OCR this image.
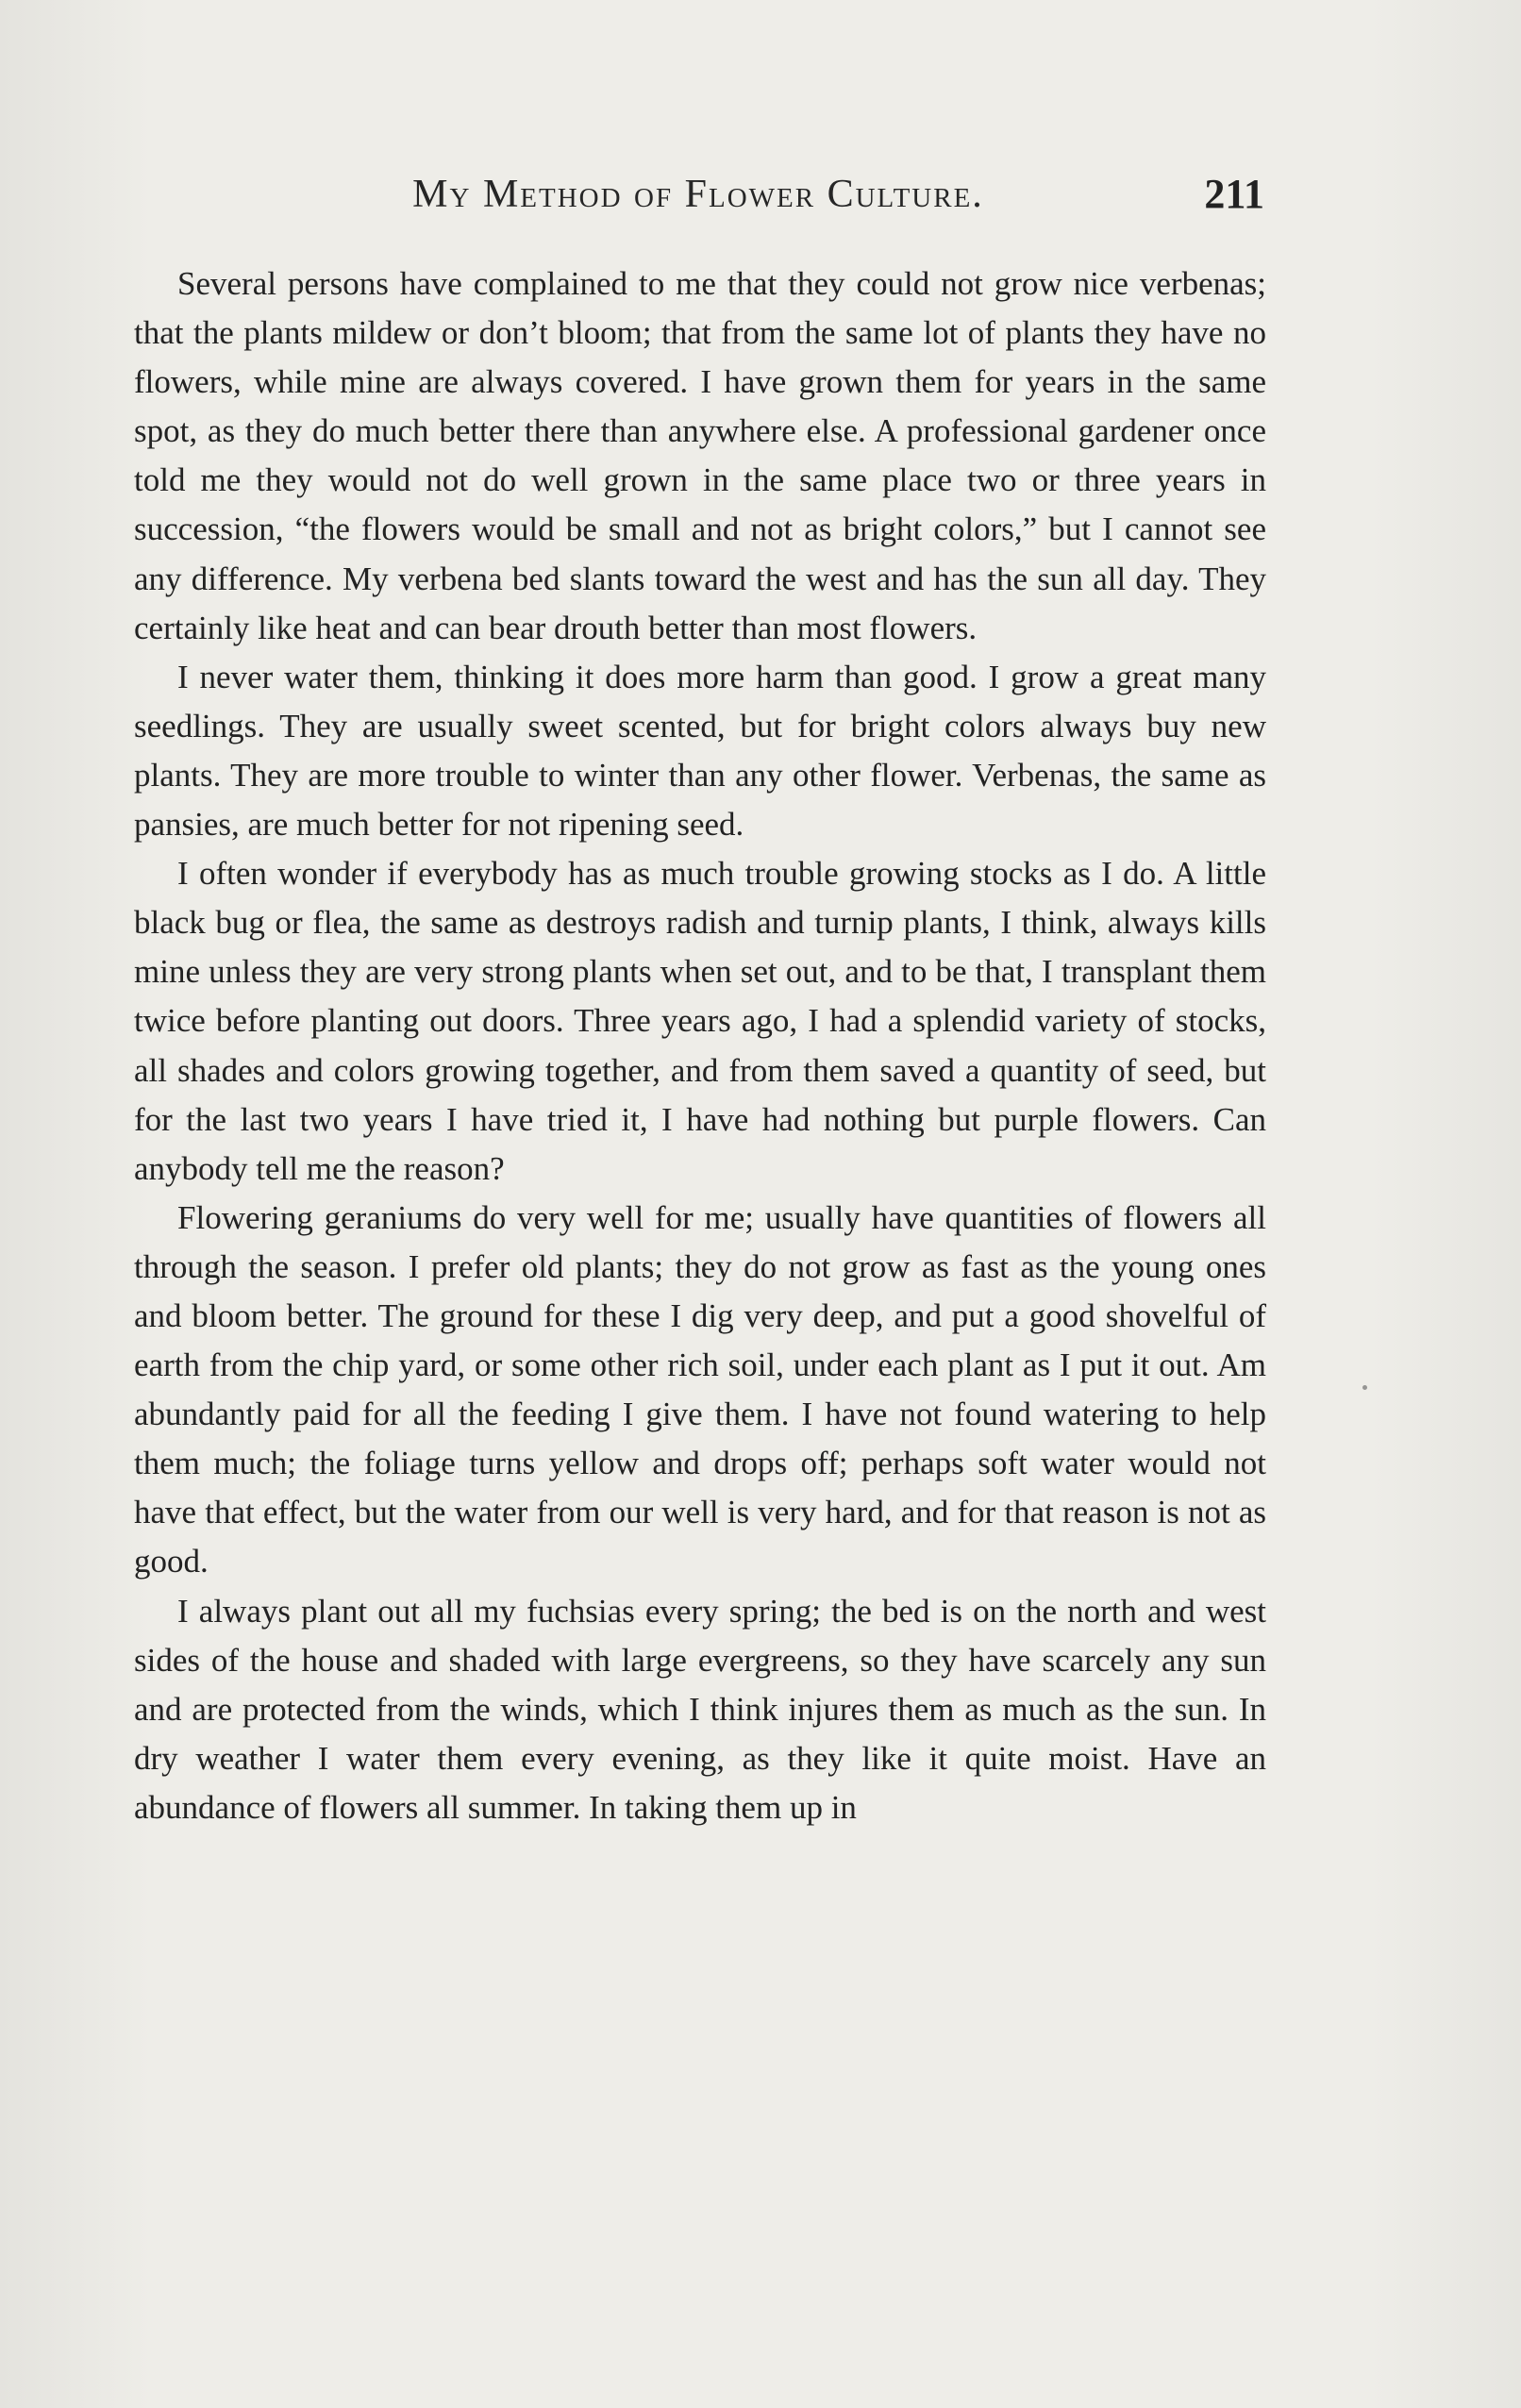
My Method of Flower Culture.	211

Several persons have complained to me that they could not grow nice verbenas; that the plants mildew or don’t bloom; that from the same lot of plants they have no flowers, while mine are always covered. I have grown them for years in the same spot, as they do much better there than anywhere else. A professional gardener once told me they would not do well grown in the same place two or three years in succession, “the flowers would be small and not as bright colors,” but I cannot see any difference. My verbena bed slants toward the west and has the sun all day. They certainly like heat and can bear drouth better than most flowers.

I never water them, thinking it does more harm than good. I grow a great many seedlings. They are usually sweet scented, but for bright colors always buy new plants. They are more trouble to winter than any other flower. Verbenas, the same as pansies, are much better for not ripening seed.

I often wonder if everybody has as much trouble growing stocks as I do. A little black bug or flea, the same as destroys radish and turnip plants, I think, always kills mine unless they are very strong plants when set out, and to be that, I transplant them twice before planting out doors. Three years ago, I had a splendid variety of stocks, all shades and colors growing together, and from them saved a quantity of seed, but for the last two years I have tried it, I have had nothing but purple flowers. Can anybody tell me the reason?

Flowering geraniums do very well for me; usually have quantities of flowers all through the season. I prefer old plants; they do not grow as fast as the young ones and bloom better. The ground for these I dig very deep, and put a good shovelful of earth from the chip yard, or some other rich soil, under each plant as I put it out. Am abundantly paid for all the feeding I give them. I have not found watering to help them much; the foliage turns yellow and drops off; perhaps soft water would not have that effect, but the water from our well is very hard, and for that reason is not as good.

I always plant out all my fuchsias every spring; the bed is on the north and west sides of the house and shaded with large evergreens, so they have scarcely any sun and are protected from the winds, which I think injures them as much as the sun. In dry weather I water them every evening, as they like it quite moist. Have an abundance of flowers all summer. In taking them up in
